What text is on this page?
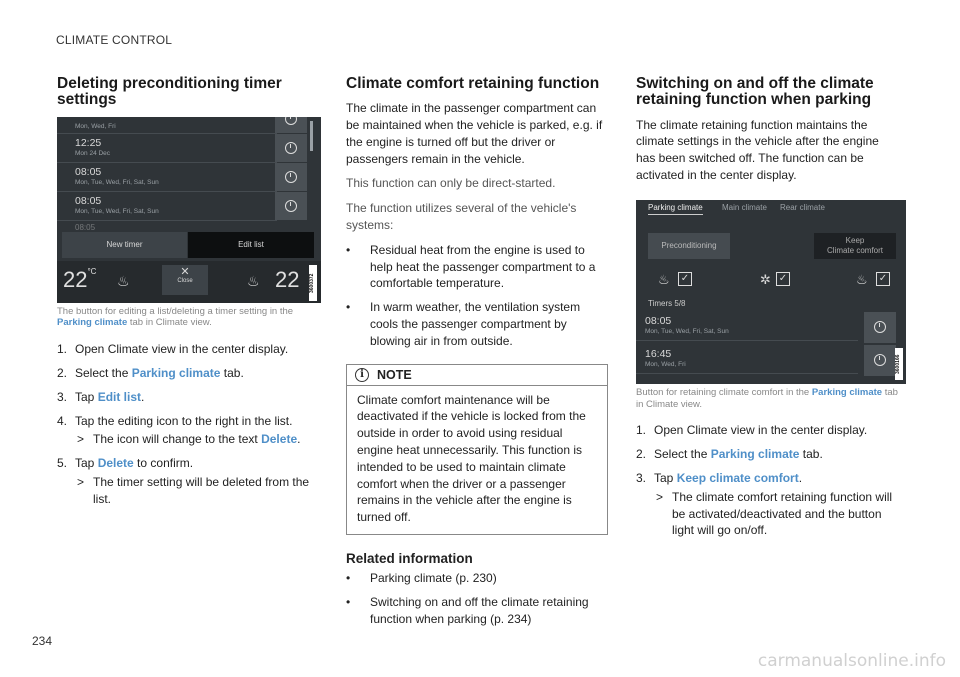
CLIMATE CONTROL
Deleting preconditioning timer settings
Mon, Wed, Fri
12:25
Mon 24 Dec
08:05
Mon, Tue, Wed, Fri, Sat, Sun
08:05
Mon, Tue, Wed, Fri, Sat, Sun
08:05
New timer	Edit list
$22^{^\circ C}$
♨
✕
Close	♨ 22 3600372
The button for editing a list/deleting a timer setting in the Parking climate tab in Climate view.
1. Open Climate view in the center display.
2. Select the Parking climate tab.
3. Tap Edit list.
4. Tap the editing icon to the right in the list.
> The icon will change to the text Delete.
5. Tap Delete to confirm.
> The timer setting will be deleted from the list.
Climate comfort retaining function

The climate in the passenger compartment can be maintained when the vehicle is parked, e.g. if the engine is turned off but the driver or passengers remain in the vehicle.

This function can only be direct-started.

The function utilizes several of the vehicle's systems:

• Residual heat from the engine is used to help heat the passenger compartment to a comfortable temperature.
• In warm weather, the ventilation system cools the passenger compartment by blowing air in from outside.
i	NOTE
Climate comfort maintenance will be deactivated if the vehicle is locked from the outside in order to avoid using residual engine heat unnecessarily. This function is intended to be used to maintain climate comfort when the driver or a passenger remains in the vehicle after the engine is turned off.
Related information
• Parking climate (p. 230)
• Switching on and off the climate retaining function when parking (p. 234)
Switching on and off the climate retaining function when parking

The climate retaining function maintains the climate settings in the vehicle after the engine has been switched off. The function can be activated in the center display.

Parking climate Main climate Rear climate
Preconditioning
Keep
Climate comfort
♨ ✓	✲ ✓	♨ ✓
Timers 5/8
08:05
Mon, Tue, Wed, Fri, Sat, Sun
16:45
Mon, Wed, Fri	3600166
Button for retaining climate comfort in the Parking climate tab in Climate view.
1. Open Climate view in the center display.
2. Select the Parking climate tab.
3. Tap Keep climate comfort.
> The climate comfort retaining function will be activated/deactivated and the button light will go on/off.
234
carmanualsonline.info
